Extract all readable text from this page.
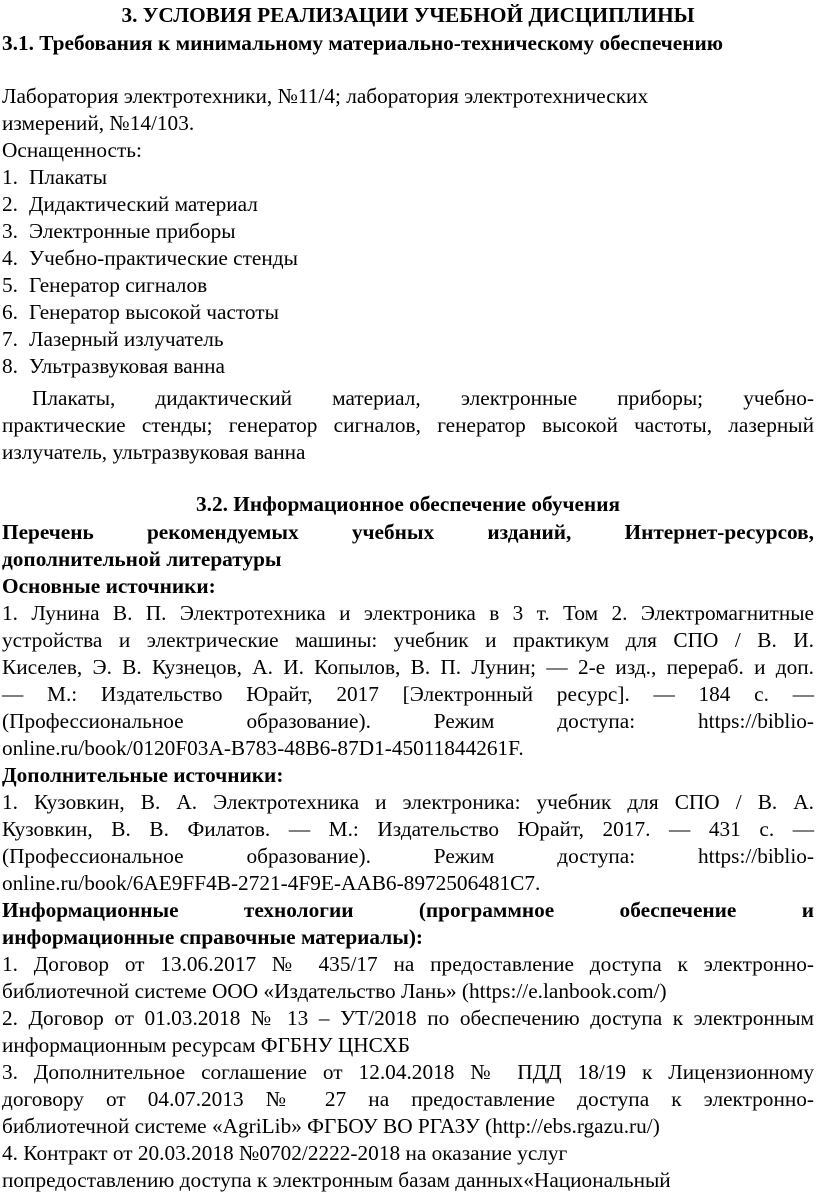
3. УСЛОВИЯ РЕАЛИЗАЦИИ УЧЕБНОЙ ДИСЦИПЛИНЫ
3.1. Требования к минимальному материально-техническому обеспечению
Лаборатория электротехники, №11/4; лаборатория электротехнических
измерений, №14/103.
Оснащенность:
1. Плакаты
2. Дидактический материал
3. Электронные приборы
4. Учебно-практические стенды
5. Генератор сигналов
6. Генератор высокой частоты
7. Лазерный излучатель
8. Ультразвуковая ванна
Плакаты, дидактический материал, электронные приборы; учебно-
практические стенды; генератор сигналов, генератор высокой частоты, лазерный
излучатель, ультразвуковая ванна
3.2. Информационное обеспечение обучения
Перечень рекомендуемых учебных изданий, Интернет-ресурсов,
дополнительной литературы
Основные источники:
1. Лунина В. П. Электротехника и электроника в 3 т. Том 2. Электромагнитные
устройства и электрические машины: учебник и практикум для СПО / В. И.
Киселев, Э. В. Кузнецов, А. И. Копылов, В. П. Лунин; — 2-е изд., перераб. и доп.
— М.: Издательство Юрайт, 2017 [Электронный ресурс]. — 184 с. —
(Профессиональное образование). Режим доступа: https://biblio-
online.ru/book/0120F03A-B783-48B6-87D1-45011844261F.
Дополнительные источники:
1. Кузовкин, В. А. Электротехника и электроника: учебник для СПО / В. А.
Кузовкин, В. В. Филатов. — М.: Издательство Юрайт, 2017. — 431 с. —
(Профессиональное образование). Режим доступа: https://biblio-
online.ru/book/6AE9FF4B-2721-4F9E-AAB6-8972506481C7.
Информационные технологии (программное обеспечение и
информационные справочные материалы):
1. Договор от 13.06.2017 № 435/17 на предоставление доступа к электронно-
библиотечной системе ООО «Издательство Лань» (https://e.lanbook.com/)
2. Договор от 01.03.2018 № 13 – УТ/2018 по обеспечению доступа к электронным
информационным ресурсам ФГБНУ ЦНСХБ
3. Дополнительное соглашение от 12.04.2018 № ПДД 18/19 к Лицензионному
договору от 04.07.2013 № 27 на предоставление доступа к электронно-
библиотечной системе «AgriLib» ФГБОУ ВО РГАЗУ (http://ebs.rgazu.ru/)
4. Контракт от 20.03.2018 №0702/2222-2018 на оказание услуг
попредоставлению доступа к электронным базам данных«Национальный
